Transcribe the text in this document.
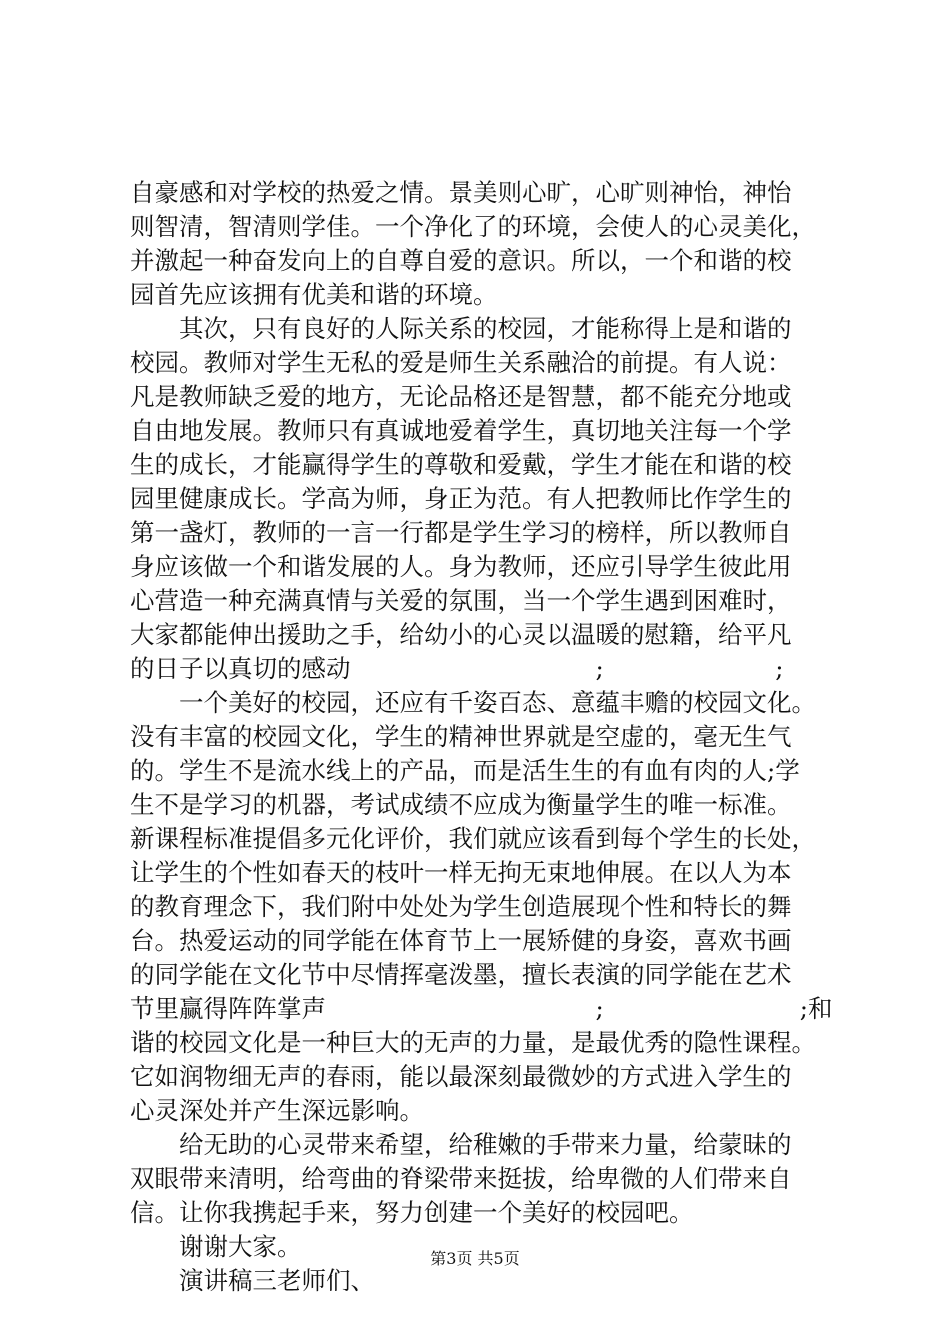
自豪感和对学校的热爱之情。景美则心旷，心旷则神怡，神怡
则智清，智清则学佳。一个净化了的环境，会使人的心灵美化，
并激起一种奋发向上的自尊自爱的意识。所以，一个和谐的校
园首先应该拥有优美和谐的环境。
　　其次，只有良好的人际关系的校园，才能称得上是和谐的
校园。教师对学生无私的爱是师生关系融洽的前提。有人说：
凡是教师缺乏爱的地方，无论品格还是智慧，都不能充分地或
自由地发展。教师只有真诚地爱着学生，真切地关注每一个学
生的成长，才能赢得学生的尊敬和爱戴，学生才能在和谐的校
园里健康成长。学高为师，身正为范。有人把教师比作学生的
第一盏灯，教师的一言一行都是学生学习的榜样，所以教师自
身应该做一个和谐发展的人。身为教师，还应引导学生彼此用
心营造一种充满真情与关爱的氛围，当一个学生遇到困难时，
大家都能伸出援助之手，给幼小的心灵以温暖的慰籍，给平凡
的日子以真切的感动　　　　　　　　　　;　　　　　　　;
　　一个美好的校园，还应有千姿百态、意蕴丰赡的校园文化。
没有丰富的校园文化，学生的精神世界就是空虚的，毫无生气
的。学生不是流水线上的产品，而是活生生的有血有肉的人;学
生不是学习的机器，考试成绩不应成为衡量学生的唯一标准。
新课程标准提倡多元化评价，我们就应该看到每个学生的长处，
让学生的个性如春天的枝叶一样无拘无束地伸展。在以人为本
的教育理念下，我们附中处处为学生创造展现个性和特长的舞
台。热爱运动的同学能在体育节上一展矫健的身姿，喜欢书画
的同学能在文化节中尽情挥毫泼墨，擅长表演的同学能在艺术
节里赢得阵阵掌声　　　　　　　　　　　;　　　　　　　　;和
谐的校园文化是一种巨大的无声的力量，是最优秀的隐性课程。
它如润物细无声的春雨，能以最深刻最微妙的方式进入学生的
心灵深处并产生深远影响。
　　给无助的心灵带来希望，给稚嫩的手带来力量，给蒙昧的
双眼带来清明，给弯曲的脊梁带来挺拔，给卑微的人们带来自
信。让你我携起手来，努力创建一个美好的校园吧。
　　谢谢大家。
　　演讲稿三老师们、
第3页 共5页
